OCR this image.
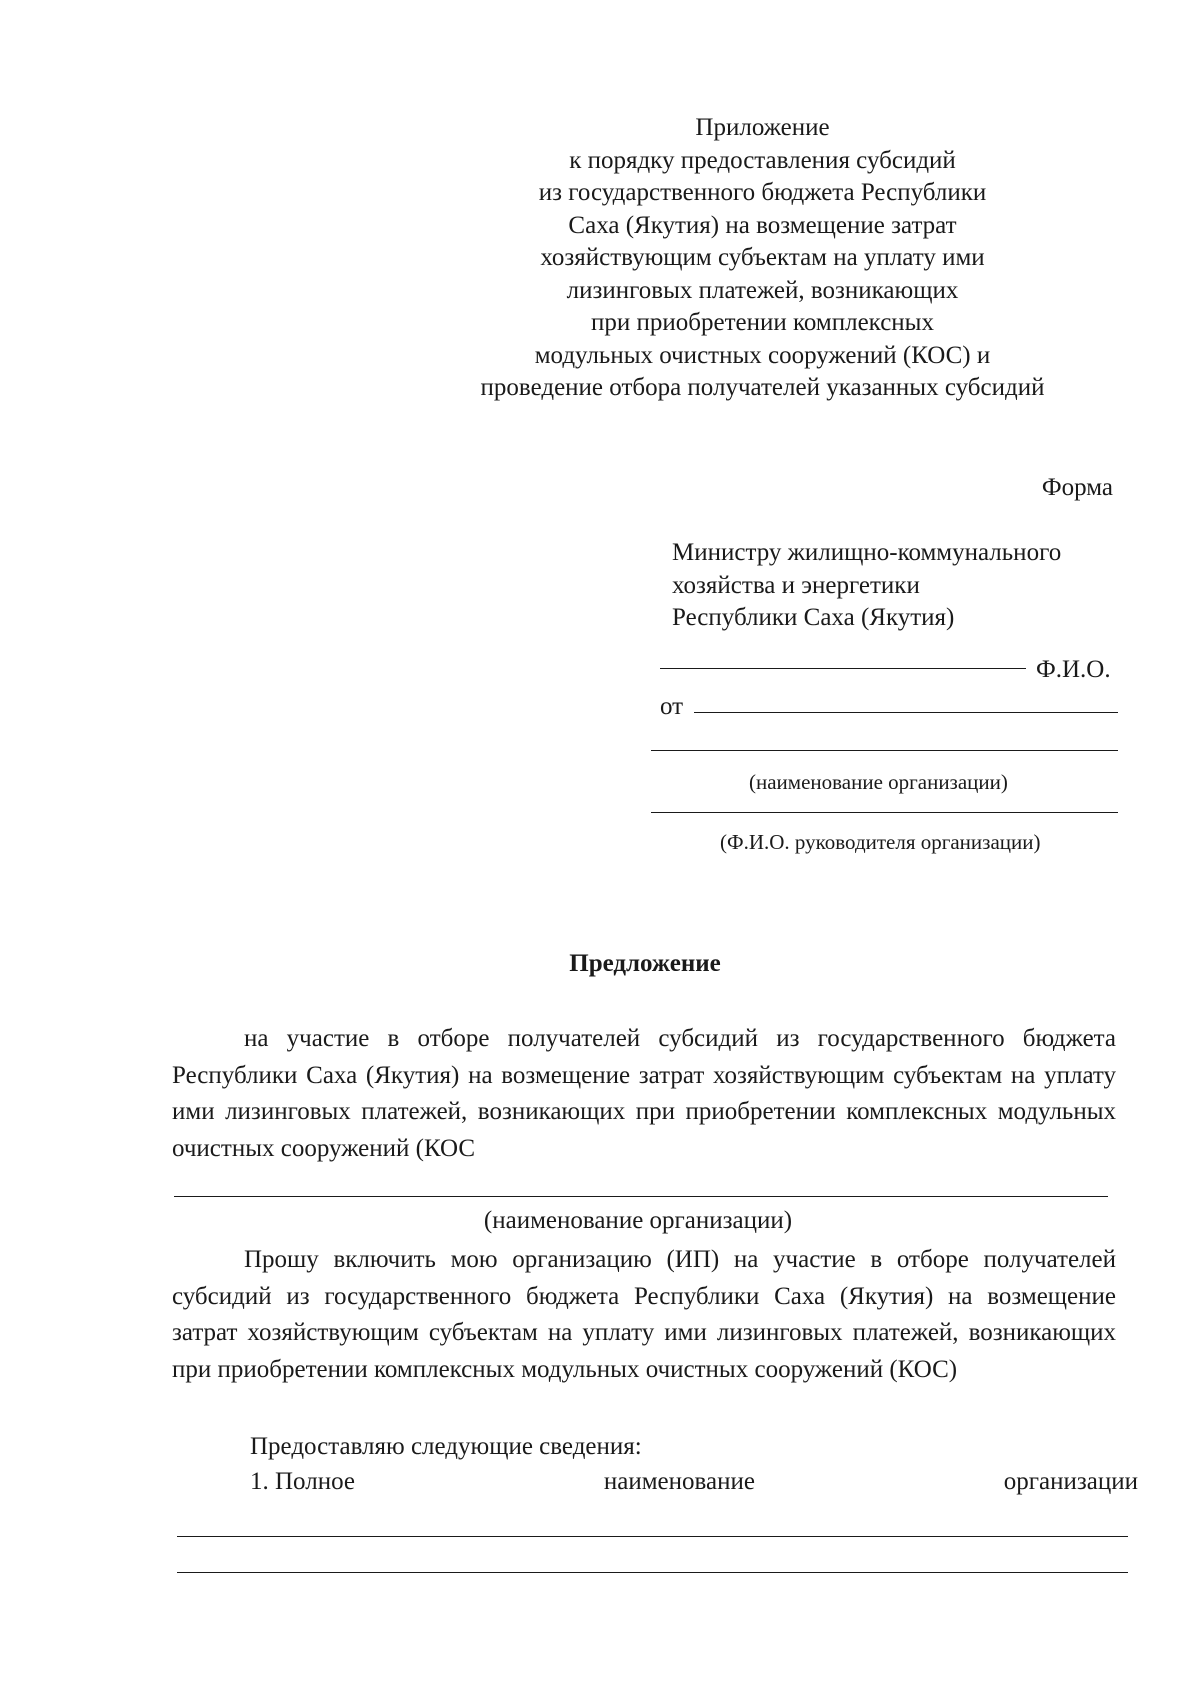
Приложение
к порядку предоставления субсидий
из государственного бюджета Республики
Саха (Якутия) на возмещение затрат
хозяйствующим субъектам на уплату ими
лизинговых платежей, возникающих
при приобретении комплексных
модульных очистных сооружений (КОС) и
проведение отбора получателей указанных субсидий
Форма
Министру жилищно-коммунального
хозяйства и энергетики
Республики Саха (Якутия)
Ф.И.О.
от
(наименование организации)
(Ф.И.О. руководителя организации)
Предложение
на участие в отборе получателей субсидий из государственного бюджета Республики Саха (Якутия) на возмещение затрат хозяйствующим субъектам на уплату ими лизинговых платежей, возникающих при приобретении комплексных модульных очистных сооружений (КОС
(наименование организации)
Прошу включить мою организацию (ИП) на участие в отборе получателей субсидий из государственного бюджета Республики Саха (Якутия) на возмещение затрат хозяйствующим субъектам на уплату ими лизинговых платежей, возникающих при приобретении комплексных модульных очистных сооружений (КОС)
Предоставляю следующие сведения:
1. Полное	наименование	организации
